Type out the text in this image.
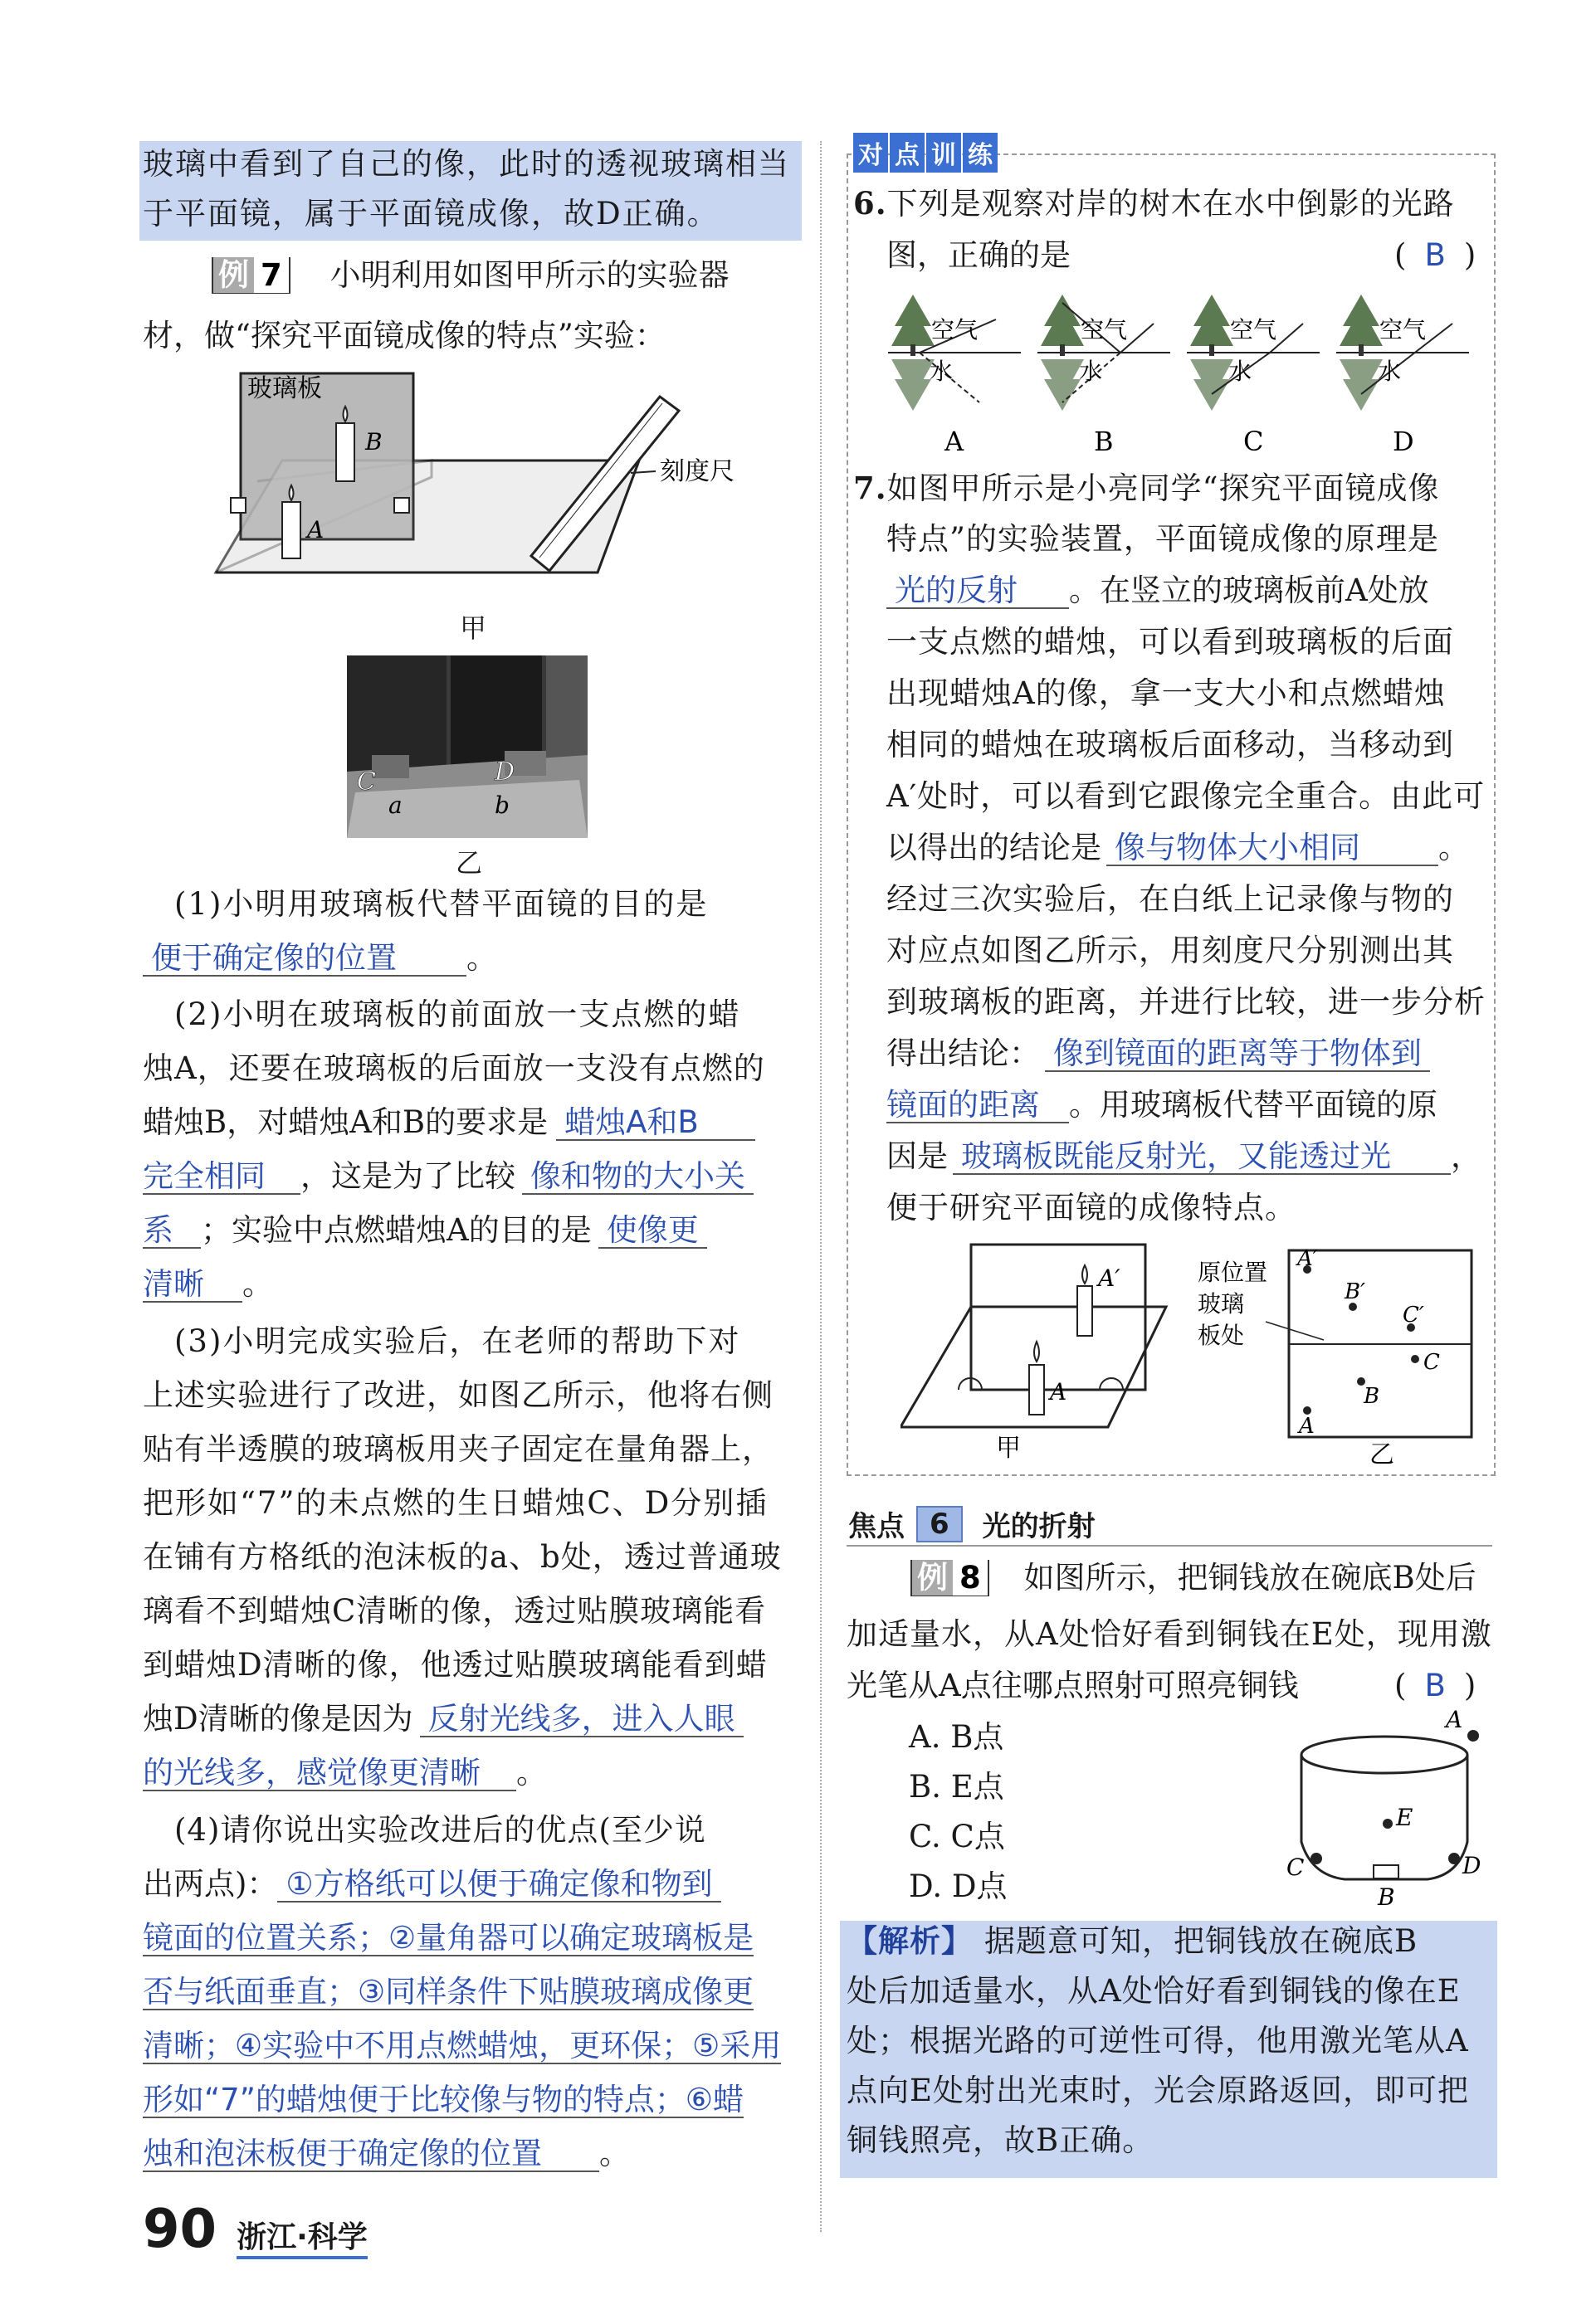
玻璃中看到了自己的像，此时的透视玻璃相当
于平面镜，属于平面镜成像，故D正确。
例 7 小明利用如图甲所示的实验器
材，做“探究平面镜成像的特点”实验：
玻璃板
B
A
刻度尺
甲
C	D
a	b
乙
(1)小明用玻璃板代替平面镜的目的是
便于确定像的位置 。
(2)小明在玻璃板的前面放一支点燃的蜡
烛A，还要在玻璃板的后面放一支没有点燃的
蜡烛B，对蜡烛A和B的要求是 蜡烛A和B
完全相同 ，这是为了比较 像和物的大小关
系 ；实验中点燃蜡烛A的目的是 使像更
清晰 。
(3)小明完成实验后，在老师的帮助下对
上述实验进行了改进，如图乙所示，他将右侧
贴有半透膜的玻璃板用夹子固定在量角器上，
把形如“7”的未点燃的生日蜡烛C、D分别插
在铺有方格纸的泡沫板的a、b处，透过普通玻
璃看不到蜡烛C清晰的像，透过贴膜玻璃能看
到蜡烛D清晰的像，他透过贴膜玻璃能看到蜡
烛D清晰的像是因为 反射光线多，进入人眼
的光线多，感觉像更清晰 。
(4)请你说出实验改进后的优点(至少说
出两点)： ①方格纸可以便于确定像和物到
镜面的位置关系；②量角器可以确定玻璃板是
否与纸面垂直；③同样条件下贴膜玻璃成像更
清晰；④实验中不用点燃蜡烛，更环保；⑤采用
形如“7”的蜡烛便于比较像与物的特点；⑥蜡
烛和泡沫板便于确定像的位置 。
对 点 训 练
6.下列是观察对岸的树木在水中倒影的光路
图，正确的是	( B )
空气
水
A
空气
水
B
空气
水
C
空气
水
D
7.如图甲所示是小亮同学“探究平面镜成像
特点”的实验装置，平面镜成像的原理是
光的反射 。在竖立的玻璃板前A处放
一支点燃的蜡烛，可以看到玻璃板的后面
出现蜡烛A的像，拿一支大小和点燃蜡烛
相同的蜡烛在玻璃板后面移动，当移动到
A′处时，可以看到它跟像完全重合。由此可
以得出的结论是 像与物体大小相同	。
经过三次实验后，在白纸上记录像与物的
对应点如图乙所示，用刻度尺分别测出其
到玻璃板的距离，并进行比较，进一步分析
得出结论： 像到镜面的距离等于物体到
镜面的距离 。用玻璃板代替平面镜的原
因是 玻璃板既能反射光，又能透过光 ，
便于研究平面镜的成像特点。
A′
A
甲
原位置
玻璃
板处
A′
B′
C′
C
B
A
乙
焦点 6	光的折射
例 8 如图所示，把铜钱放在碗底B处后
加适量水，从A处恰好看到铜钱在E处，现用激
光笔从A点往哪点照射可照亮铜钱	( B )
A. B点
B. E点
C. C点
D. D点
A
E
C	D
B
【解析】 据题意可知，把铜钱放在碗底B
处后加适量水，从A处恰好看到铜钱的像在E
处；根据光路的可逆性可得，他用激光笔从A
点向E处射出光束时，光会原路返回，即可把
铜钱照亮，故B正确。
90 浙江·科学
